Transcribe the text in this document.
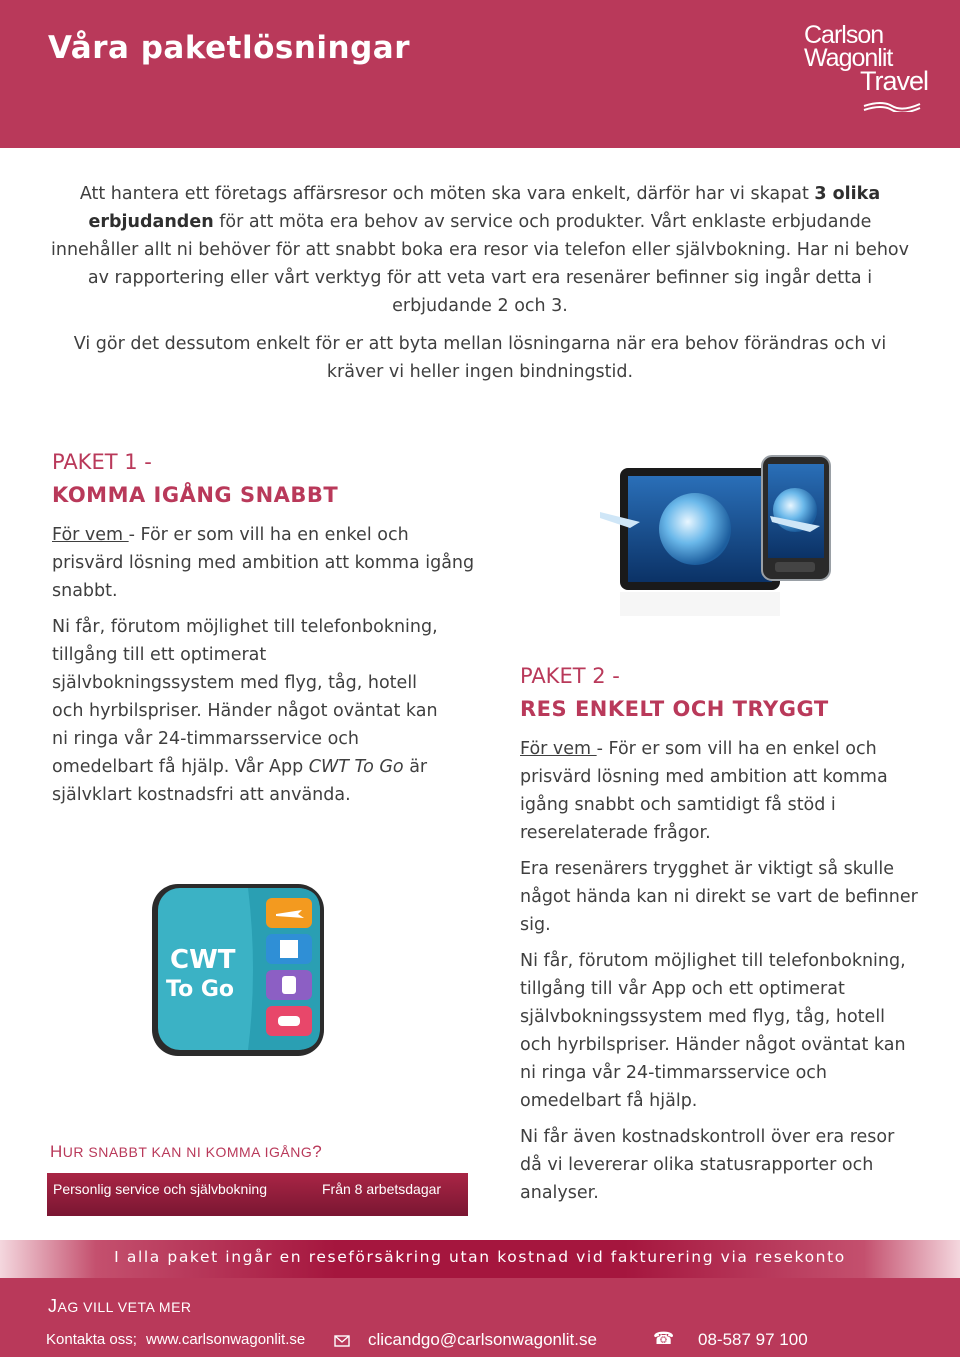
Våra paketlösningar	Carlson
Wagonlit
Travel

Att hantera ett företags affärsresor och möten ska vara enkelt, därför har vi skapat 3 olika erbjudanden för att möta era behov av service och produkter. Vårt enklaste erbjudande innehåller allt ni behöver för att snabbt boka era resor via telefon eller självbokning. Har ni behov av rapportering eller vårt verktyg för att veta vart era resenärer befinner sig ingår detta i erbjudande 2 och 3.

Vi gör det dessutom enkelt för er att byta mellan lösningarna när era behov förändras och vi kräver vi heller ingen bindningstid.

PAKET 1 -
KOMMA IGÅNG SNABBT

För vem - För er som vill ha en enkel och prisvärd lösning med ambition att komma igång snabbt.

Ni får, förutom möjlighet till telefonbokning, tillgång till ett optimerat självbokningssystem med flyg, tåg, hotell och hyrbilspriser. Händer något oväntat kan ni ringa vår 24-timmarsservice och omedelbart få hjälp. Vår App CWT To Go är självklart kostnadsfri att använda.

PAKET 2 -
RES ENKELT OCH TRYGGT

För vem - För er som vill ha en enkel och prisvärd lösning med ambition att komma igång snabbt och samtidigt få stöd i reserelaterade frågor.

Era resenärers trygghet är viktigt så skulle något hända kan ni direkt se vart de befinner sig.

Ni får, förutom möjlighet till telefonbokning, tillgång till vår App och ett optimerat självbokningssystem med flyg, tåg, hotell och hyrbilspriser. Händer något oväntat kan ni ringa vår 24-timmarsservice och omedelbart få hjälp.

Ni får även kostnadskontroll över era resor då vi levererar olika statusrapporter och analyser.

CWT
To Go
HUR SNABBT KAN NI KOMMA IGÅNG?
Personlig service och självbokning	Från 8 arbetsdagar
I alla paket ingår en reseförsäkring utan kostnad vid fakturering via resekonto
JAG VILL VETA MER
Kontakta oss; www.carlsonwagonlit.se	clicandgo@carlsonwagonlit.se	☎ 08-587 97 100
